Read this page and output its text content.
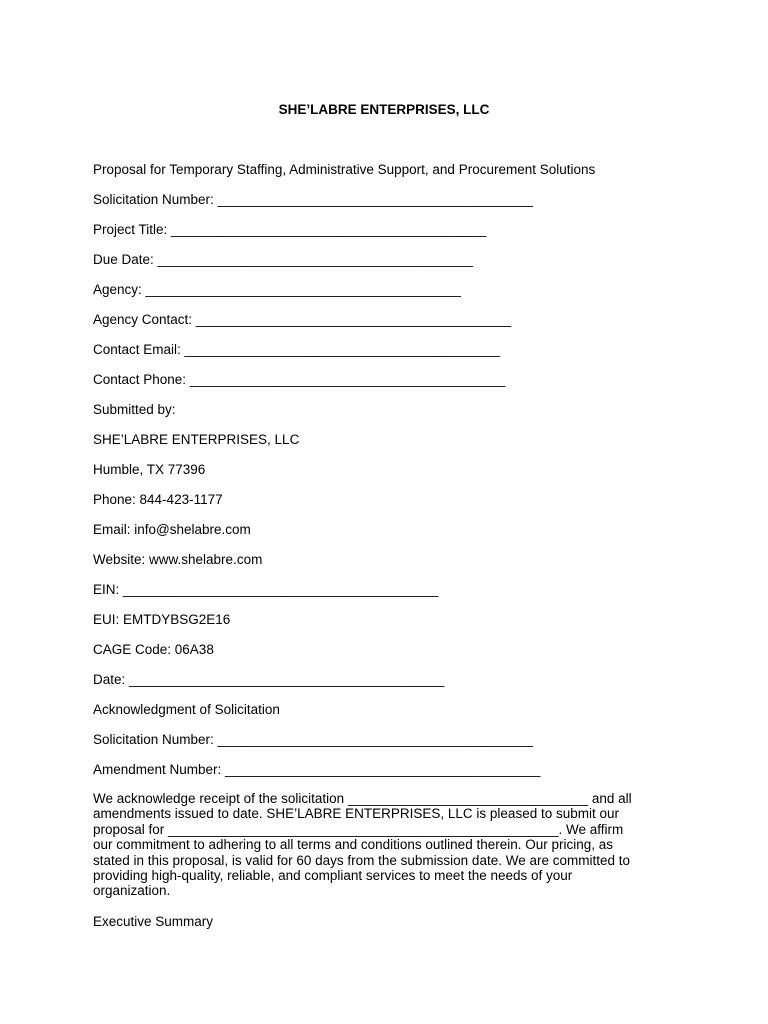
SHE’LABRE ENTERPRISES, LLC
Proposal for Temporary Staffing, Administrative Support, and Procurement Solutions
Solicitation Number: __________________________________________
Project Title: __________________________________________
Due Date: __________________________________________
Agency: __________________________________________
Agency Contact: __________________________________________
Contact Email: __________________________________________
Contact Phone: __________________________________________
Submitted by:
SHE’LABRE ENTERPRISES, LLC
Humble, TX 77396
Phone: 844-423-1177
Email: info@shelabre.com
Website: www.shelabre.com
EIN: __________________________________________
EUI: EMTDYBSG2E16
CAGE Code: 06A38
Date: __________________________________________
Acknowledgment of Solicitation
Solicitation Number: __________________________________________
Amendment Number: __________________________________________
We acknowledge receipt of the solicitation ________________________________ and all
amendments issued to date. SHE’LABRE ENTERPRISES, LLC is pleased to submit our
proposal for ____________________________________________________. We affirm
our commitment to adhering to all terms and conditions outlined therein. Our pricing, as
stated in this proposal, is valid for 60 days from the submission date. We are committed to
providing high-quality, reliable, and compliant services to meet the needs of your
organization.
Executive Summary
